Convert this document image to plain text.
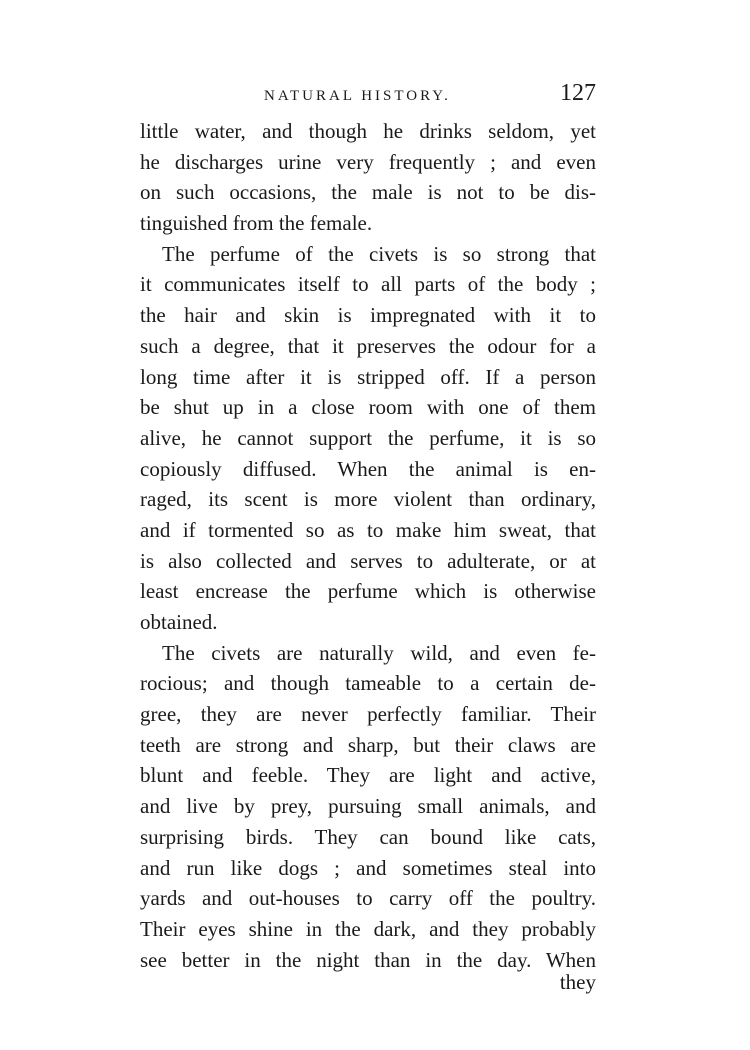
NATURAL HISTORY.	127
little water, and though he drinks seldom, yet
he discharges urine very frequently ; and even
on such occasions, the male is not to be dis-
tinguished from the female.
The perfume of the civets is so strong that
it communicates itself to all parts of the body ;
the hair and skin is impregnated with it to
such a degree, that it preserves the odour for a
long time after it is stripped off. If a person
be shut up in a close room with one of them
alive, he cannot support the perfume, it is so
copiously diffused. When the animal is en-
raged, its scent is more violent than ordinary,
and if tormented so as to make him sweat, that
is also collected and serves to adulterate, or at
least encrease the perfume which is otherwise
obtained.
The civets are naturally wild, and even fe-
rocious; and though tameable to a certain de-
gree, they are never perfectly familiar. Their
teeth are strong and sharp, but their claws are
blunt and feeble. They are light and active,
and live by prey, pursuing small animals, and
surprising birds. They can bound like cats,
and run like dogs ; and sometimes steal into
yards and out-houses to carry off the poultry.
Their eyes shine in the dark, and they probably
see better in the night than in the day. When
they
